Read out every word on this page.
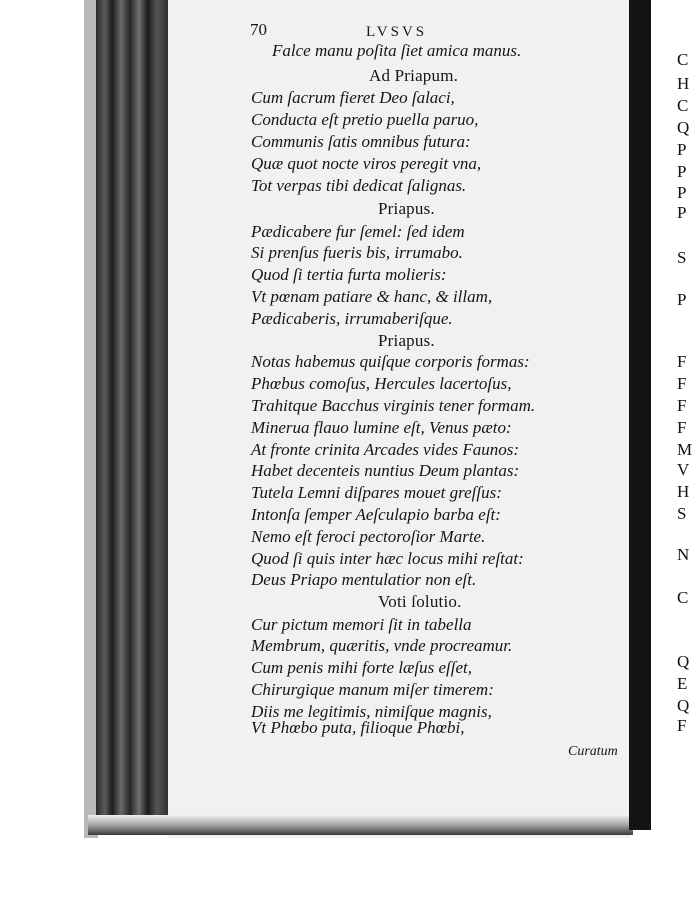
70	LVSVS
Falce manu poſita ſiet amica manus.
Ad Priapum.
Cum ſacrum fieret Deo ſalaci,
Conducta eſt pretio puella paruo,
Communis ſatis omnibus futura:
Quæ quot nocte viros peregit vna,
Tot verpas tibi dedicat ſalignas.
Priapus.
Pædicabere fur ſemel: ſed idem
Si prenſus fueris bis, irrumabo.
Quod ſi tertia furta molieris:
Vt pœnam patiare & hanc, & illam,
Pædicaberis, irrumaberiſque.
Priapus.
Notas habemus quiſque corporis formas:
Phœbus comoſus, Hercules lacertoſus,
Trahitque Bacchus virginis tener formam.
Minerua flauo lumine eſt, Venus pæto:
At fronte crinita Arcades vides Faunos:
Habet decenteis nuntius Deum plantas:
Tutela Lemni diſpares mouet greſſus:
Intonſa ſemper Aeſculapio barba eſt:
Nemo eſt feroci pectoroſior Marte.
Quod ſi quis inter hæc locus mihi reſtat:
Deus Priapo mentulatior non eſt.
Voti ſolutio.
Cur pictum memori ſit in tabella
Membrum, quæritis, vnde procreamur.
Cum penis mihi forte læſus eſſet,
Chirurgique manum miſer timerem:
Diis me legitimis, nimiſque magnis,
Vt Phœbo puta, filioque Phœbi,
Curatum
C
H
C
Q
P
P
P
P
S
P
F
F
F
F
M
V
H
S
N
C
Q
E
Q
F
